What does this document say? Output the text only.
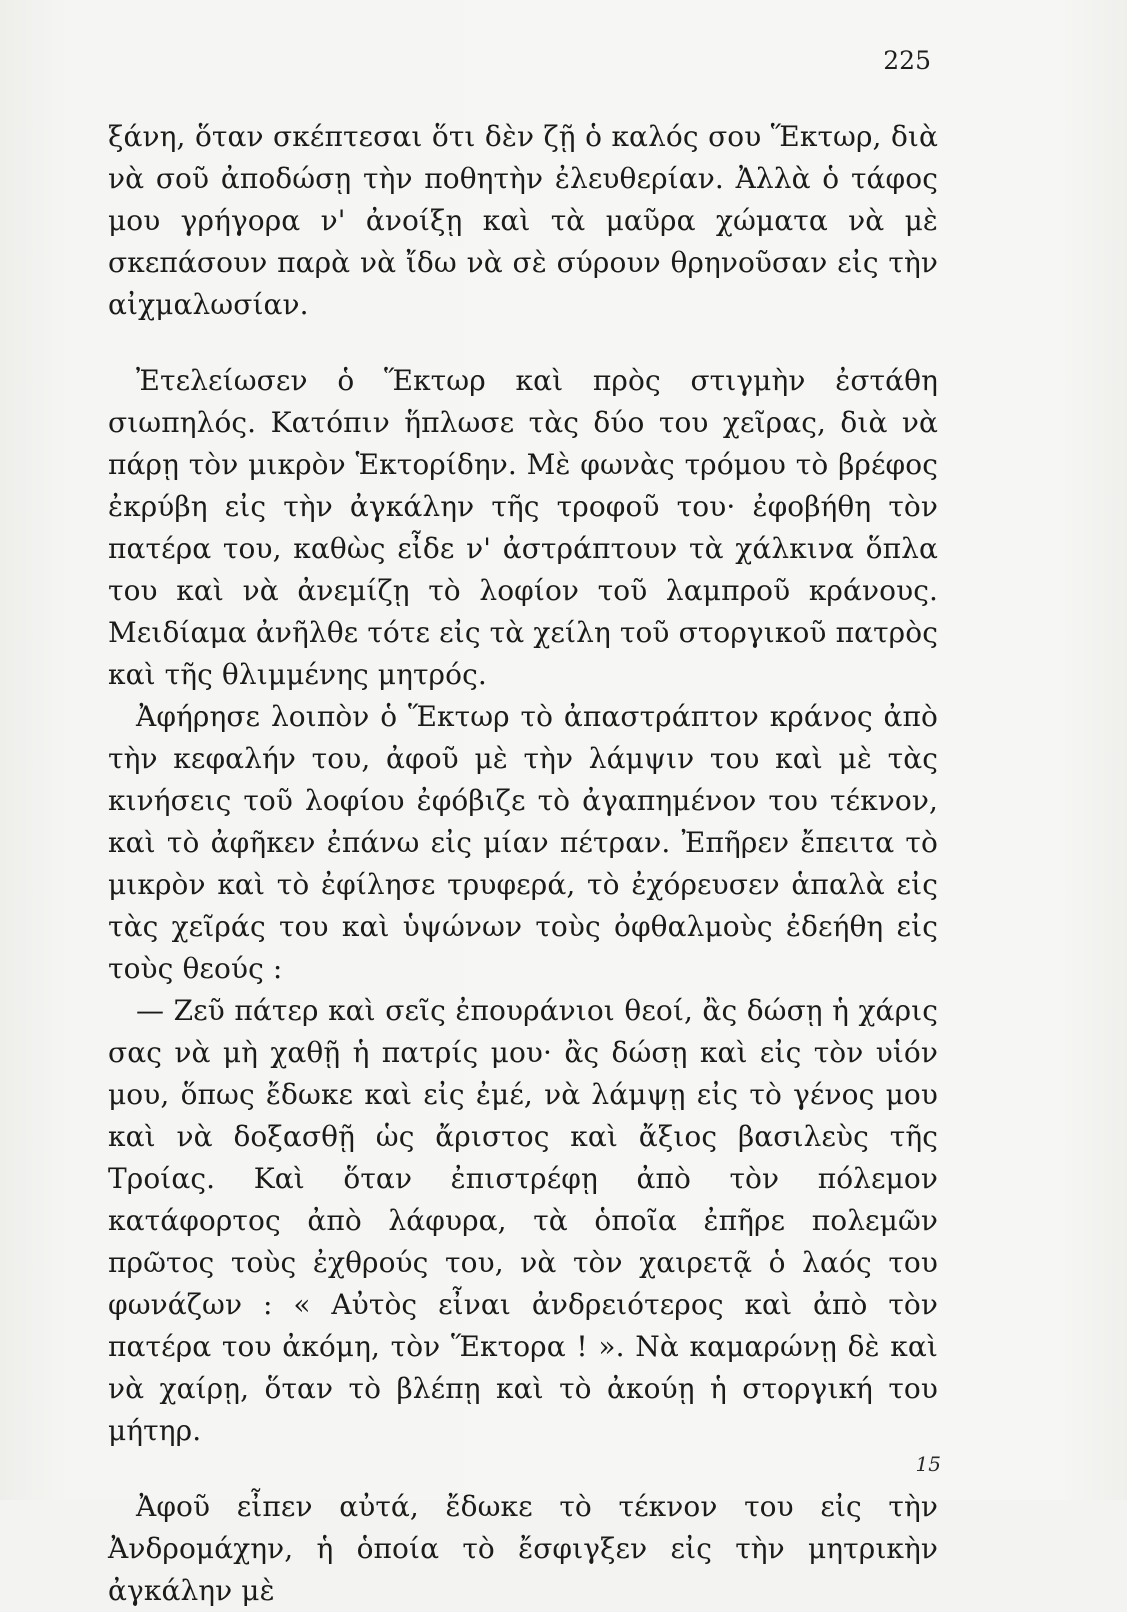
225

ξάνη, ὅταν σκέπτεσαι ὅτι δὲν ζῇ ὁ καλός σου Ἕκτωρ, διὰ νὰ σοῦ ἀποδώσῃ τὴν ποθητὴν ἐλευθερίαν. Ἀλλὰ ὁ τάφος μου γρήγορα ν' ἀνοίξῃ καὶ τὰ μαῦρα χώματα νὰ μὲ σκεπάσουν παρὰ νὰ ἴδω νὰ σὲ σύρουν θρηνοῦσαν εἰς τὴν αἰχμαλωσίαν.

Ἐτελείωσεν ὁ Ἕκτωρ καὶ πρὸς στιγμὴν ἐστάθη σιωπηλός. Κατόπιν ἥπλωσε τὰς δύο του χεῖρας, διὰ νὰ πάρῃ τὸν μικρὸν Ἑκτορίδην. Μὲ φωνὰς τρόμου τὸ βρέφος ἐκρύβη εἰς τὴν ἀγκάλην τῆς τροφοῦ του· ἐφοβήθη τὸν πατέρα του, καθὼς εἶδε ν' ἀστράπτουν τὰ χάλκινα ὅπλα του καὶ νὰ ἀνεμίζῃ τὸ λοφίον τοῦ λαμπροῦ κράνους. Μειδίαμα ἀνῆλθε τότε εἰς τὰ χείλη τοῦ στοργικοῦ πατρὸς καὶ τῆς θλιμμένης μητρός.

Ἀφήρησε λοιπὸν ὁ Ἕκτωρ τὸ ἀπαστράπτον κράνος ἀπὸ τὴν κεφαλήν του, ἀφοῦ μὲ τὴν λάμψιν του καὶ μὲ τὰς κινήσεις τοῦ λοφίου ἐφόβιζε τὸ ἀγαπημένον του τέκνον, καὶ τὸ ἀφῆκεν ἐπάνω εἰς μίαν πέτραν. Ἐπῆρεν ἔπειτα τὸ μικρὸν καὶ τὸ ἐφίλησε τρυφερά, τὸ ἐχόρευσεν ἁπαλὰ εἰς τὰς χεῖράς του καὶ ὑψώνων τοὺς ὀφθαλμοὺς ἐδεήθη εἰς τοὺς θεούς :

— Ζεῦ πάτερ καὶ σεῖς ἐπουράνιοι θεοί, ἂς δώσῃ ἡ χάρις σας νὰ μὴ χαθῇ ἡ πατρίς μου· ἂς δώσῃ καὶ εἰς τὸν υἱόν μου, ὅπως ἔδωκε καὶ εἰς ἐμέ, νὰ λάμψῃ εἰς τὸ γένος μου καὶ νὰ δοξασθῇ ὡς ἄριστος καὶ ἄξιος βασιλεὺς τῆς Τροίας. Καὶ ὅταν ἐπιστρέφῃ ἀπὸ τὸν πόλεμον κατάφορτος ἀπὸ λάφυρα, τὰ ὁποῖα ἐπῆρε πολεμῶν πρῶτος τοὺς ἐχθρούς του, νὰ τὸν χαιρετᾷ ὁ λαός του φωνάζων : « Αὐτὸς εἶναι ἀνδρειότερος καὶ ἀπὸ τὸν πατέρα του ἀκόμη, τὸν Ἕκτορα ! ». Νὰ καμαρώνῃ δὲ καὶ νὰ χαίρῃ, ὅταν τὸ βλέπῃ καὶ τὸ ἀκούῃ ἡ στοργική του μήτηρ.

Ἀφοῦ εἶπεν αὐτά, ἔδωκε τὸ τέκνον του εἰς τὴν Ἀνδρομάχην, ἡ ὁποία τὸ ἔσφιγξεν εἰς τὴν μητρικὴν ἀγκάλην μὲ

15
